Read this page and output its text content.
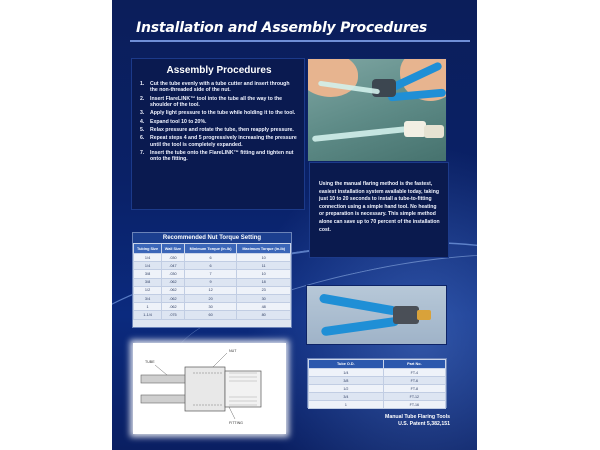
Installation and Assembly Procedures
Assembly Procedures
1.	Cut the tube evenly with a tube cutter and insert through the non-threaded side of the nut.
2.	Insert FlareLINK™ tool into the tube all the way to the shoulder of the tool.
3.	Apply light pressure to the tube while holding it to the tool.
4.	Expand tool 10 to 20%.
5.	Relax pressure and rotate the tube, then reapply pressure.
6.	Repeat steps 4 and 5 progressively increasing the pressure until the tool is completely expanded.
7.	Insert the tube onto the FlareLINK™ fitting and tighten nut onto the fitting.
Using the manual flaring method is the fastest, easiest installation system available today, taking just 10 to 20 seconds to install a tube-to-fitting connection using a simple hand tool. No heating or preparation is necessary. This simple method alone can save up to 70 percent of the installation cost.
Recommended Nut Torque Setting
Tubing Size	Wall Size	Minimum Torque (in-lb)	Maximum Torque (in-lb)
1/4	.030	6	10
1/4	.047	6	11
3/8	.030	7	10
3/8	.062	9	18
1/2	.062	12	23
3/4	.062	20	30
1	.062	30	48
1-1/4	.075	60	80
TUBE
NUT
FITTING
Tube O.D.	Part No.
1/4	FT-4
3/8	FT-6
1/2	FT-8
3/4	FT-12
1	FT-16
Manual Tube Flaring Tools
U.S. Patent 5,382,151
